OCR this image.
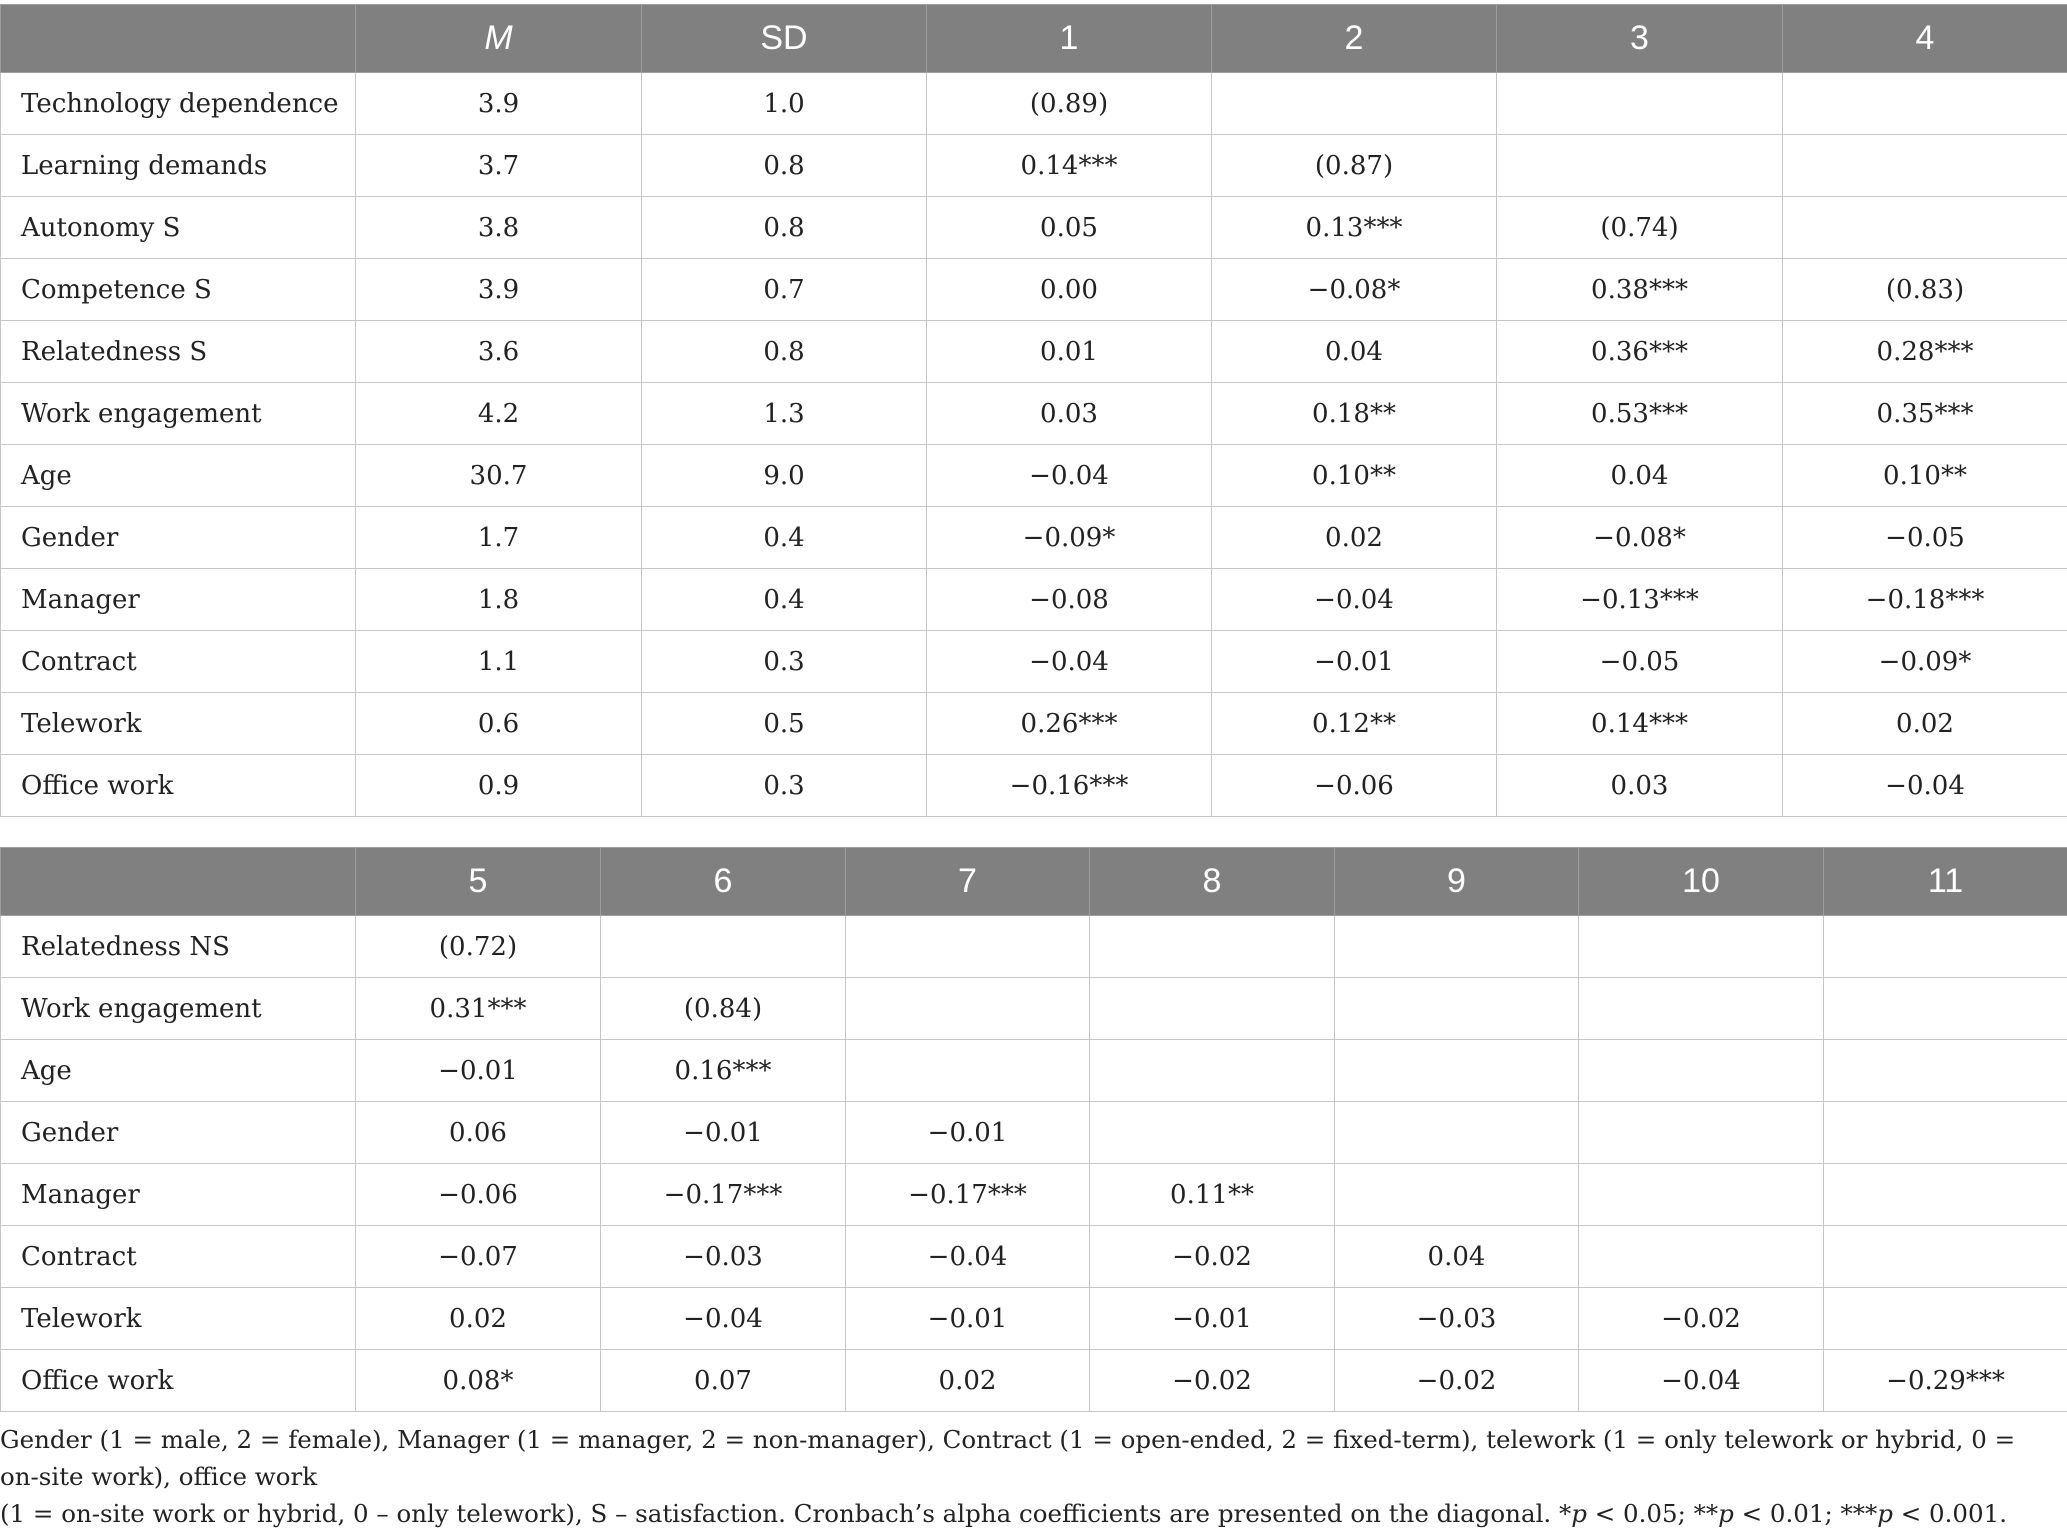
	M	SD	1	2	3	4
Technology dependence	3.9	1.0	(0.89)			
Learning demands	3.7	0.8	0.14***	(0.87)		
Autonomy S	3.8	0.8	0.05	0.13***	(0.74)	
Competence S	3.9	0.7	0.00	−0.08*	0.38***	(0.83)
Relatedness S	3.6	0.8	0.01	0.04	0.36***	0.28***
Work engagement	4.2	1.3	0.03	0.18**	0.53***	0.35***
Age	30.7	9.0	−0.04	0.10**	0.04	0.10**
Gender	1.7	0.4	−0.09*	0.02	−0.08*	−0.05
Manager	1.8	0.4	−0.08	−0.04	−0.13***	−0.18***
Contract	1.1	0.3	−0.04	−0.01	−0.05	−0.09*
Telework	0.6	0.5	0.26***	0.12**	0.14***	0.02
Office work	0.9	0.3	−0.16***	−0.06	0.03	−0.04
	5	6	7	8	9	10	11
Relatedness NS	(0.72)						
Work engagement	0.31***	(0.84)					
Age	−0.01	0.16***					
Gender	0.06	−0.01	−0.01				
Manager	−0.06	−0.17***	−0.17***	0.11**			
Contract	−0.07	−0.03	−0.04	−0.02	0.04		
Telework	0.02	−0.04	−0.01	−0.01	−0.03	−0.02	
Office work	0.08*	0.07	0.02	−0.02	−0.02	−0.04	−0.29***
Gender (1 = male, 2 = female), Manager (1 = manager, 2 = non-manager), Contract (1 = open-ended, 2 = fixed-term), telework (1 = only telework or hybrid, 0 = on-site work), office work
(1 = on-site work or hybrid, 0 – only telework), S – satisfaction. Cronbach’s alpha coefficients are presented on the diagonal. *p < 0.05; **p < 0.01; ***p < 0.001.
